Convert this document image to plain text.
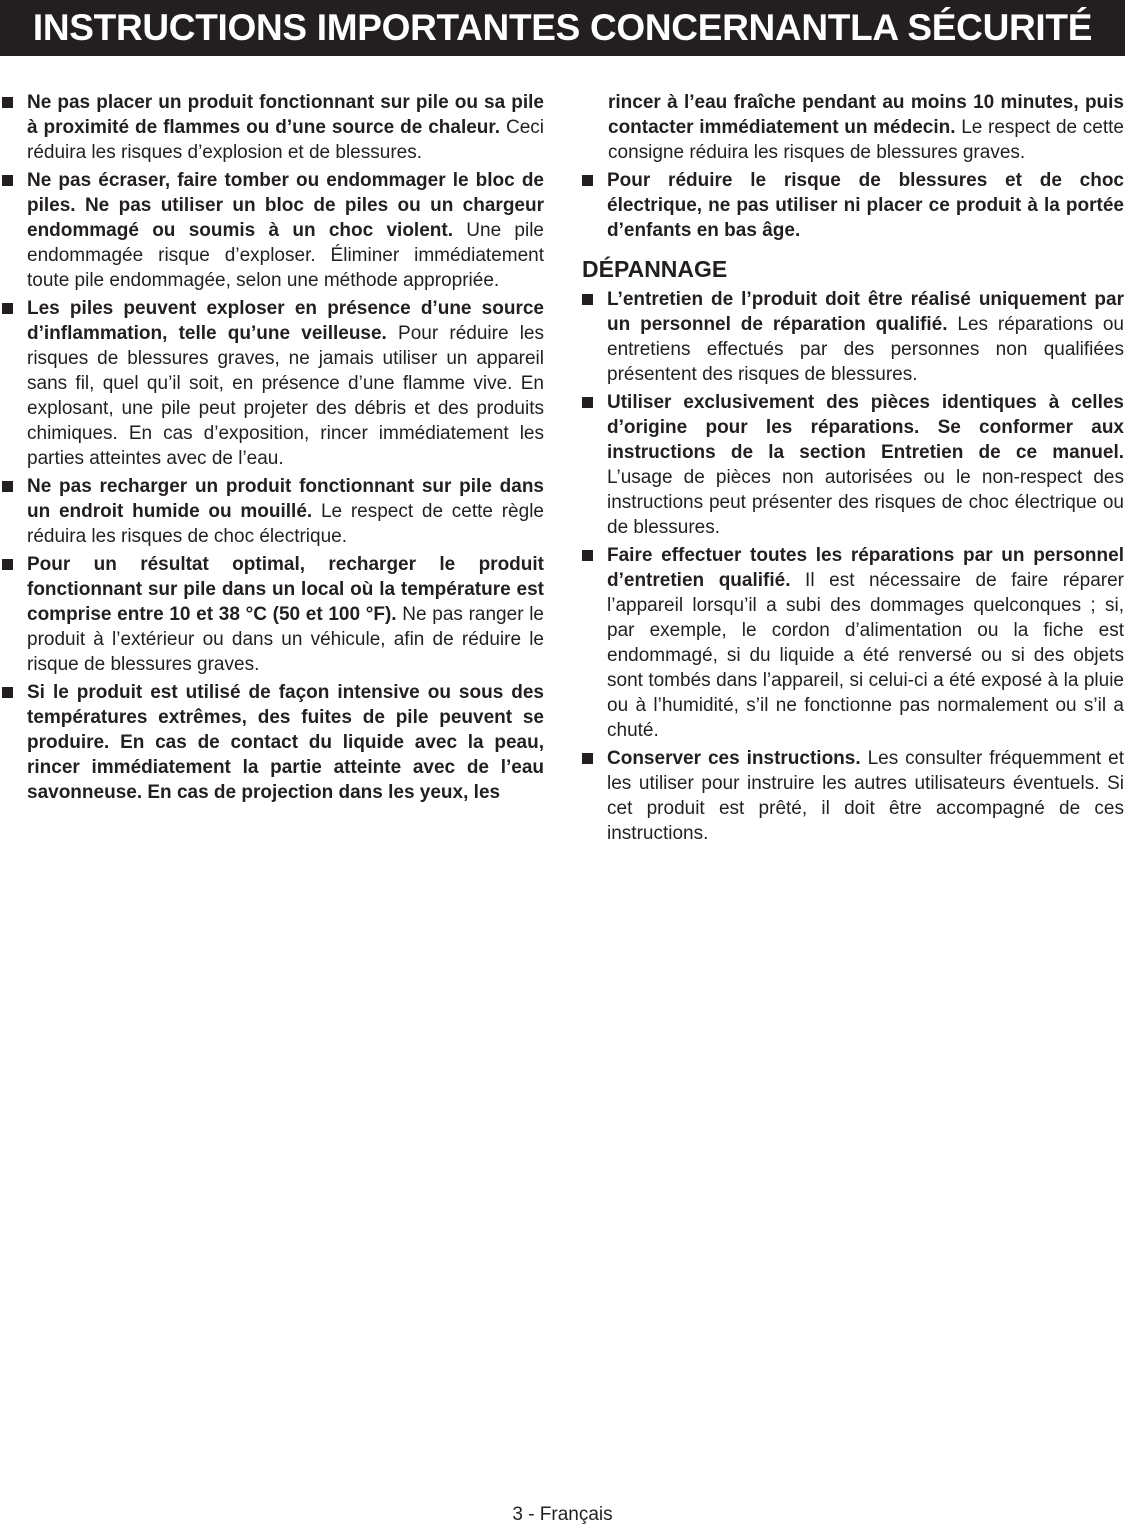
INSTRUCTIONS IMPORTANTES CONCERNANTLA SÉCURITÉ
Ne pas placer un produit fonctionnant sur pile ou sa pile à proximité de flammes ou d’une source de chaleur. Ceci réduira les risques d’explosion et de blessures.
Ne pas écraser, faire tomber ou endommager le bloc de piles. Ne pas utiliser un bloc de piles ou un chargeur endommagé ou soumis à un choc violent. Une pile endommagée risque d’exploser. Éliminer immédiatement toute pile endommagée, selon une méthode appropriée.
Les piles peuvent exploser en présence d’une source d’inflammation, telle qu’une veilleuse. Pour réduire les risques de blessures graves, ne jamais utiliser un appareil sans fil, quel qu’il soit, en présence d’une flamme vive. En explosant, une pile peut projeter des débris et des produits chimiques. En cas d’exposition, rincer immédiatement les parties atteintes avec de l’eau.
Ne pas recharger un produit fonctionnant sur pile dans un endroit humide ou mouillé. Le respect de cette règle réduira les risques de choc électrique.
Pour un résultat optimal, recharger le produit fonctionnant sur pile dans un local où la température est comprise entre 10 et 38 °C (50 et 100 °F). Ne pas ranger le produit à l’extérieur ou dans un véhicule, afin de réduire le risque de blessures graves.
Si le produit est utilisé de façon intensive ou sous des températures extrêmes, des fuites de pile peuvent se produire. En cas de contact du liquide avec la peau, rincer immédiatement la partie atteinte avec de l’eau savonneuse. En cas de projection dans les yeux, les
rincer à l’eau fraîche pendant au moins 10 minutes, puis contacter immédiatement un médecin. Le respect de cette consigne réduira les risques de blessures graves.
Pour réduire le risque de blessures et de choc électrique, ne pas utiliser ni placer ce produit à la portée d’enfants en bas âge.
DÉPANNAGE
L’entretien de l’produit doit être réalisé uniquement par un personnel de réparation qualifié. Les réparations ou entretiens effectués par des personnes non qualifiées présentent des risques de blessures.
Utiliser exclusivement des pièces identiques à celles d’origine pour les réparations. Se conformer aux instructions de la section Entretien de ce manuel. L’usage de pièces non autorisées ou le non-respect des instructions peut présenter des risques de choc électrique ou de blessures.
Faire effectuer toutes les réparations par un personnel d’entretien qualifié. Il est nécessaire de faire réparer l’appareil lorsqu’il a subi des dommages quelconques ; si, par exemple, le cordon d’alimentation ou la fiche est endommagé, si du liquide a été renversé ou si des objets sont tombés dans l’appareil, si celui-ci a été exposé à la pluie ou à l’humidité, s’il ne fonctionne pas normalement ou s’il a chuté.
Conserver ces instructions. Les consulter fréquemment et les utiliser pour instruire les autres utilisateurs éventuels. Si cet produit est prêté, il doit être accompagné de ces instructions.
3 - Français
